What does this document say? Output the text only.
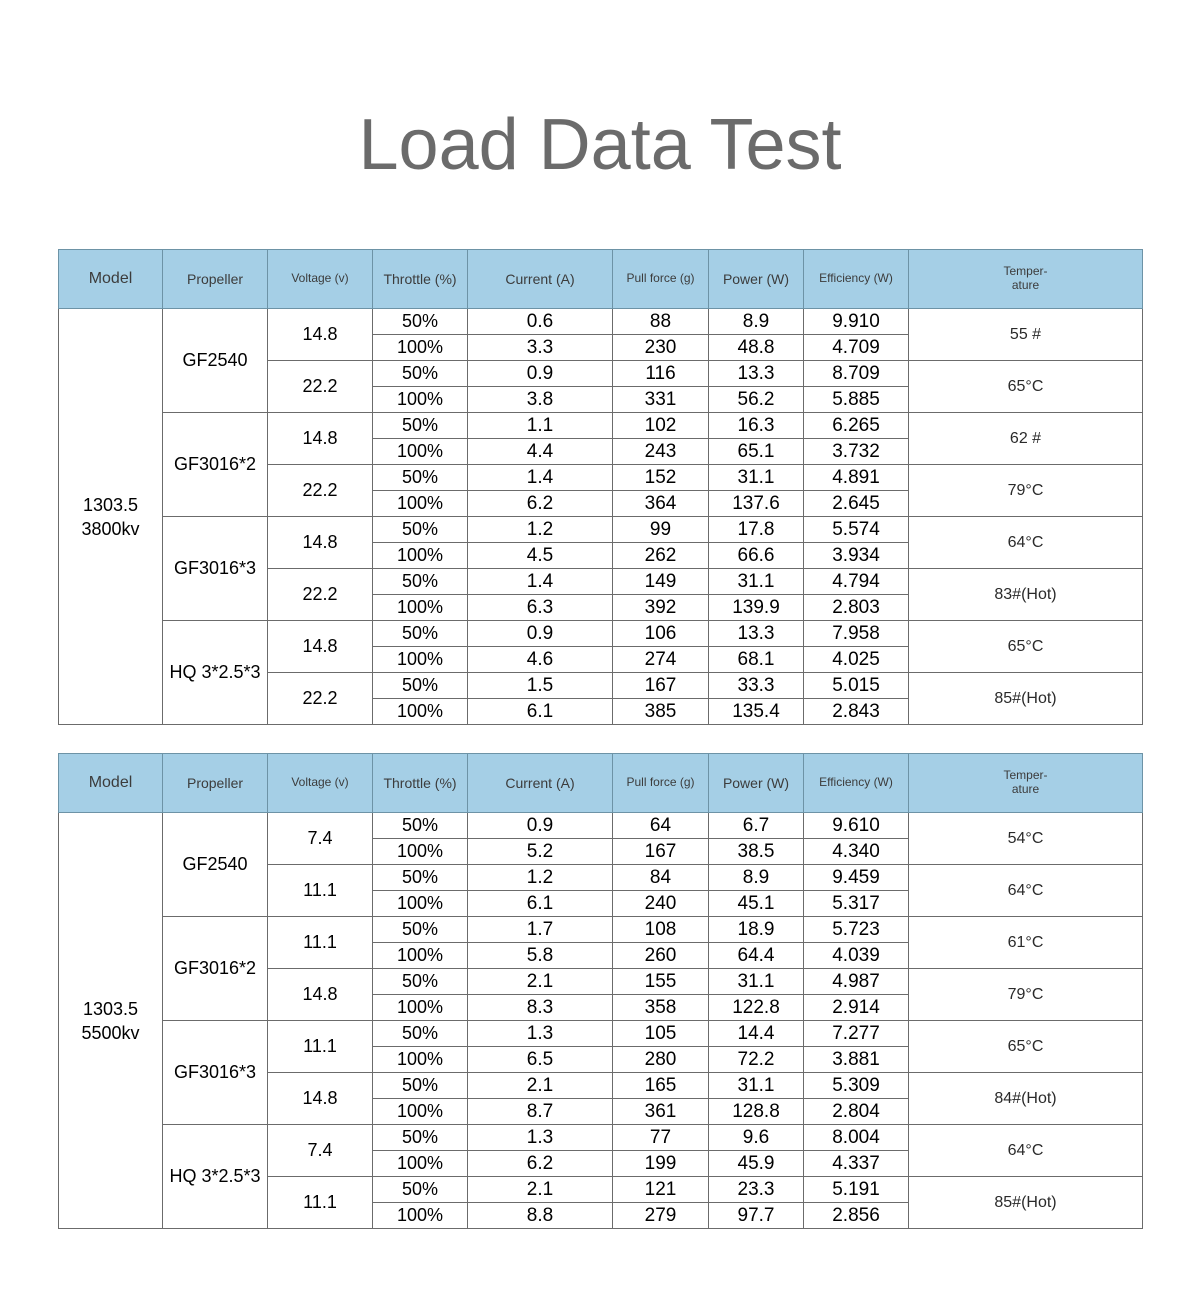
Load Data Test
Model	Propeller	Voltage (v)	Throttle (%)	Current (A)	Pull force (g)	Power (W)	Efficiency (W)	Temper-
ature
1303.5
3800kv	GF2540	14.8	50%	0.6	88	8.9	9.910	55 #
			100%	3.3	230	48.8	4.709	
		22.2	50%	0.9	116	13.3	8.709	65°C
			100%	3.8	331	56.2	5.885	
	GF3016*2	14.8	50%	1.1	102	16.3	6.265	62 #
			100%	4.4	243	65.1	3.732	
		22.2	50%	1.4	152	31.1	4.891	79°C
			100%	6.2	364	137.6	2.645	
	GF3016*3	14.8	50%	1.2	99	17.8	5.574	64°C
			100%	4.5	262	66.6	3.934	
		22.2	50%	1.4	149	31.1	4.794	83#(Hot)
			100%	6.3	392	139.9	2.803	
	HQ 3*2.5*3	14.8	50%	0.9	106	13.3	7.958	65°C
			100%	4.6	274	68.1	4.025	
		22.2	50%	1.5	167	33.3	5.015	85#(Hot)
			100%	6.1	385	135.4	2.843	
Model	Propeller	Voltage (v)	Throttle (%)	Current (A)	Pull force (g)	Power (W)	Efficiency (W)	Temper-
ature
1303.5
5500kv	GF2540	7.4	50%	0.9	64	6.7	9.610	54°C
			100%	5.2	167	38.5	4.340	
		11.1	50%	1.2	84	8.9	9.459	64°C
			100%	6.1	240	45.1	5.317	
	GF3016*2	11.1	50%	1.7	108	18.9	5.723	61°C
			100%	5.8	260	64.4	4.039	
		14.8	50%	2.1	155	31.1	4.987	79°C
			100%	8.3	358	122.8	2.914	
	GF3016*3	11.1	50%	1.3	105	14.4	7.277	65°C
			100%	6.5	280	72.2	3.881	
		14.8	50%	2.1	165	31.1	5.309	84#(Hot)
			100%	8.7	361	128.8	2.804	
	HQ 3*2.5*3	7.4	50%	1.3	77	9.6	8.004	64°C
			100%	6.2	199	45.9	4.337	
		11.1	50%	2.1	121	23.3	5.191	85#(Hot)
			100%	8.8	279	97.7	2.856	
